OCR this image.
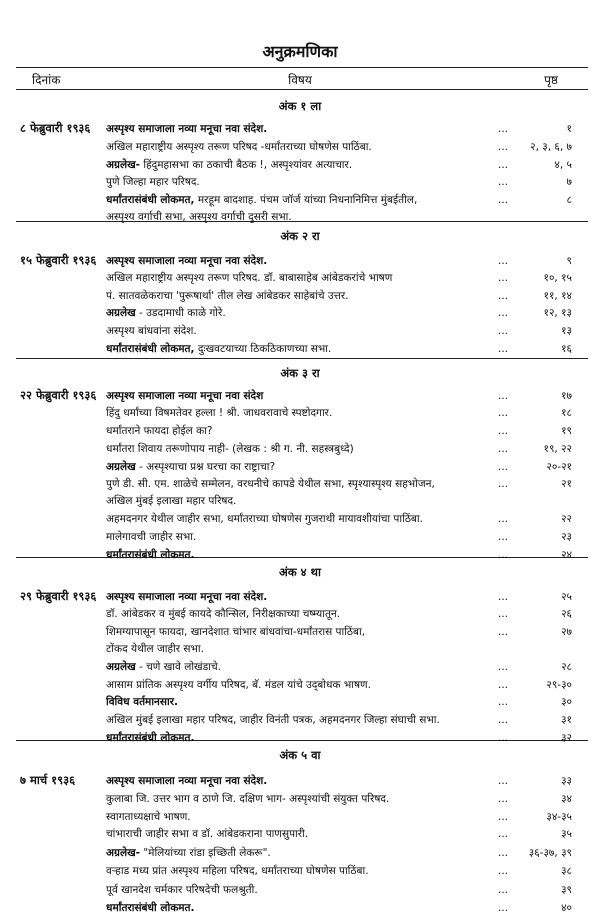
अनुक्रमणिका
विषय
दिनांक	पृष्ठ
अंक १ ला
८ फेब्रुवारी १९३६ अस्पृश्य समाजाला नव्या मनूचा नवा संदेश.	...	१
अखिल महाराष्ट्रीय अस्पृश्य तरूण परिषद -धर्मांतराच्या घोषणेस पाठिंबा.	... २, ३, ६, ७
अग्रलेख- हिंदुमहासभा का ठकाची बैठक !, अस्पृश्यांवर अत्याचार.	...	४, ५
पुणे जिल्हा महार परिषद.	...	७
धर्मांतरासंबंधी लोकमत, मरहूम बादशाह. पंचम जॉर्ज यांच्या निधनानिमित्त मुंबईतील,	...	८
अस्पृश्य वर्गाची सभा, अस्पृश्य वर्गाची दुसरी सभा.
अंक २ रा
१५ फेब्रुवारी १९३६ अस्पृश्य समाजाला नव्या मनूचा नवा संदेश.	...	९
अखिल महाराष्ट्रीय अस्पृश्य तरूण परिषद. डॉ. बाबासाहेब आंबेडकरांचे भाषण	...	१०, १५
पं. सातवळेकराचा 'पुरूषार्था' तील लेख आंबेडकर साहेबांचे उत्तर.	...	११, १४
अग्रलेख - उडदामाधी काळे गोरे.	...	१२, १३
अस्पृश्य बांधवांना संदेश.	...	१३
धर्मांतरासंबंधी लोकमत, दुःखवटयाच्या ठिकठिकाणच्या सभा.	...	१६
अंक ३ रा
२२ फेब्रुवारी १९३६ अस्पृश्य समाजाला नव्या मनूचा नवा संदेश	...	१७
हिंदु धर्मांच्या विषमतेवर हल्ला ! श्री. जाधवरावाचे स्पष्टोदगार.	...	१८
धर्मांतराने फायदा होईल का?	...	१९
धर्मांतरा शिवाय तरूणोपाय नाही- (लेखक : श्री ग. नी. सहस्त्रबुध्दे)	...	१९, २२
अग्रलेख - अस्पृश्याचा प्रश्न घरचा का राष्ट्राचा?	...	२०-२१
पुणे डी. सी. एम. शाळेचे सम्मेलन, वरधनीचे कापडे येथील सभा, स्पृश्यास्पृश्य सहभोजन,	...	२१
अखिल मुंबई इलाखा महार परिषद.
अहमदनगर येथील जाहीर सभा, धर्मांतराच्या घोषणेस गुजराथी मायावशीयांचा पाठिंबा.	...	२२
मालेगावची जाहीर सभा.	...	२३
धर्मांतरासंबंधी लोकमत.	...	२४
अंक ४ था
२९ फेब्रुवारी १९३६ अस्पृश्य समाजाला नव्या मनूचा नवा संदेश.	...	२५
डॉ. आंबेडकर व मुंबई कायदे कौन्सिल, निरीक्षकाच्या चष्म्यातून.	...	२६
शिमग्यापासून फायदा, खानदेशात चांभार बांधवांचा-धर्मांतरास पाठिंबा,	...	२७
टोंकद येथील जाहीर सभा.
अग्रलेख - चणे खावे लोखंडाचे.	...	२८
आसाम प्रांतिक अस्पृश्य वर्गीय परिषद, बॅ. मंडल यांचे उद्‍बोधक भाषण.	...	२९-३०
विविध वर्तमानसार.	...	३०
अखिल मुंबई इलाखा महार परिषद, जाहीर विनंती पत्रक, अहमदनगर जिल्हा संघाची सभा.	...	३१
धर्मांतरासंबंधी लोकमत.	...	३२
अंक ५ वा
७ मार्च १९३६	अस्पृश्य समाजाला नव्या मनूचा नवा संदेश.	...	३३
कुलाबा जि. उत्तर भाग व ठाणे जि. दक्षिण भाग- अस्पृश्यांची संयुक्त परिषद.	...	३४
स्वागताध्यक्षाचे भाषण.	...	३४-३५
चांभाराची जाहीर सभा व डॉ. आंबेडकराना पाणसुपारी.	...	३५
अग्रलेख- "मेलियांच्या रांडा इच्छिती लेकरू".	... ३६-३७, ३९
वऱ्हाड मध्य प्रांत अस्पृश्य महिला परिषद, धर्मांतराच्या घोषणेस पाठिंबा.	...	३८
पूर्व खानदेश चर्मकार परिषदेची फलश्रुती.	...	३९
धर्मांतरासंबंधी लोकमत.	...	४०
